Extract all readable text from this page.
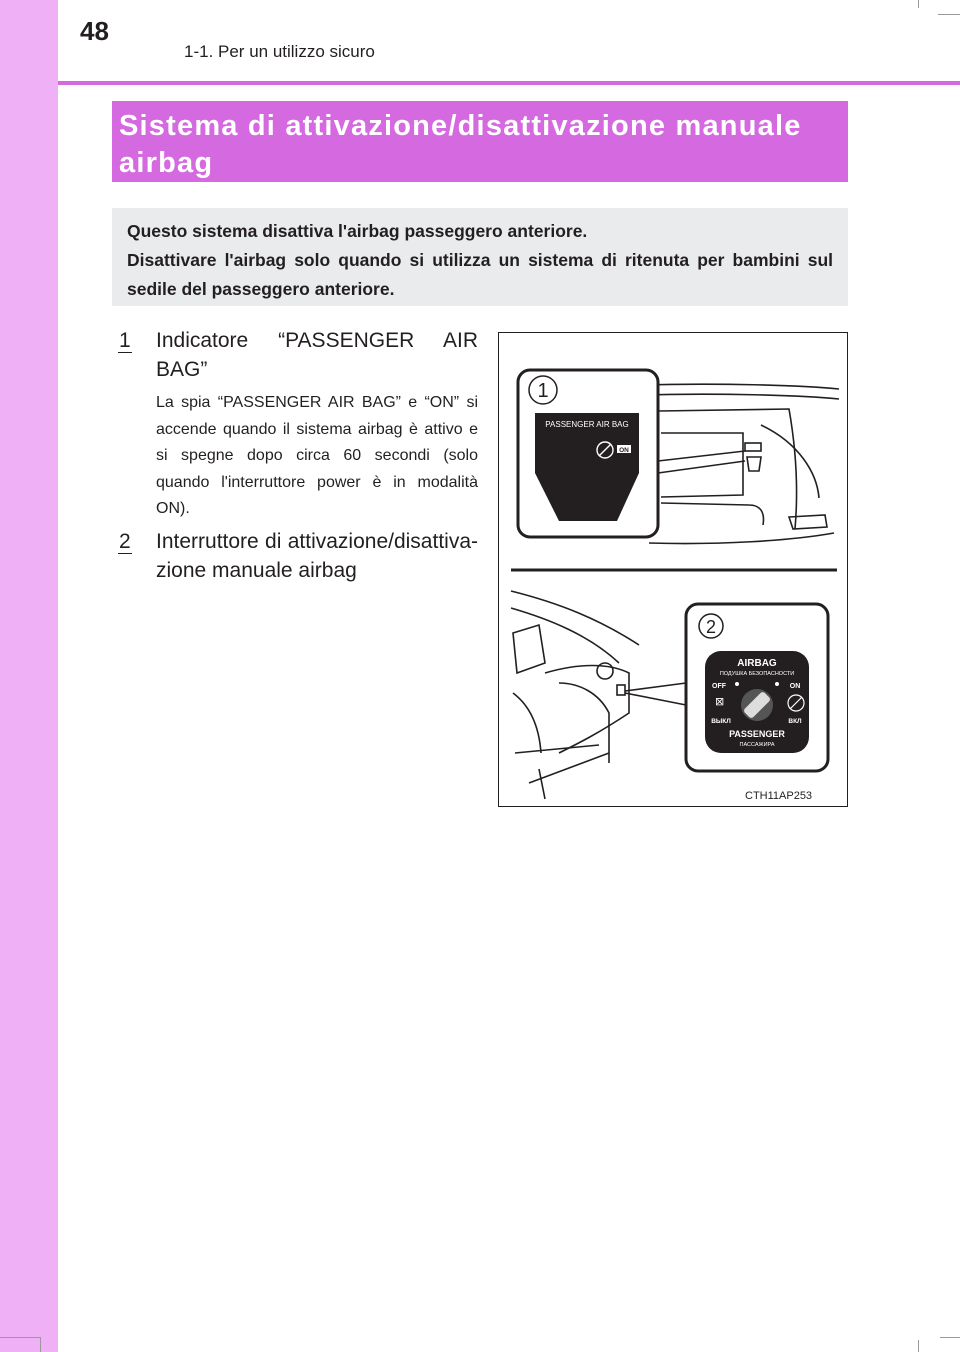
48
1-1. Per un utilizzo sicuro
Sistema di attivazione/disattivazione manuale airbag

Questo sistema disattiva l'airbag passeggero anteriore.

Disattivare l'airbag solo quando si utilizza un sistema di ritenuta per bambini sul sedile del passeggero anteriore.

1 Indicatore “PASSENGER AIR BAG”
La spia “PASSENGER AIR BAG” e “ON” si accende quando il sistema airbag è attivo e si spegne dopo circa 60 secondi (solo quando l'interruttore power è in modalità ON).
2 Interruttore di attivazione/disattiva-zione manuale airbag
1
PASSENGER AIR BAG
ON
2
AIRBAG
ПОДУШКА БЕЗОПАСНОСТИ
OFF	ON
⊠
ВЫКЛ	ВКЛ
PASSENGER
ПАССАЖИРА
CTH11AP253
